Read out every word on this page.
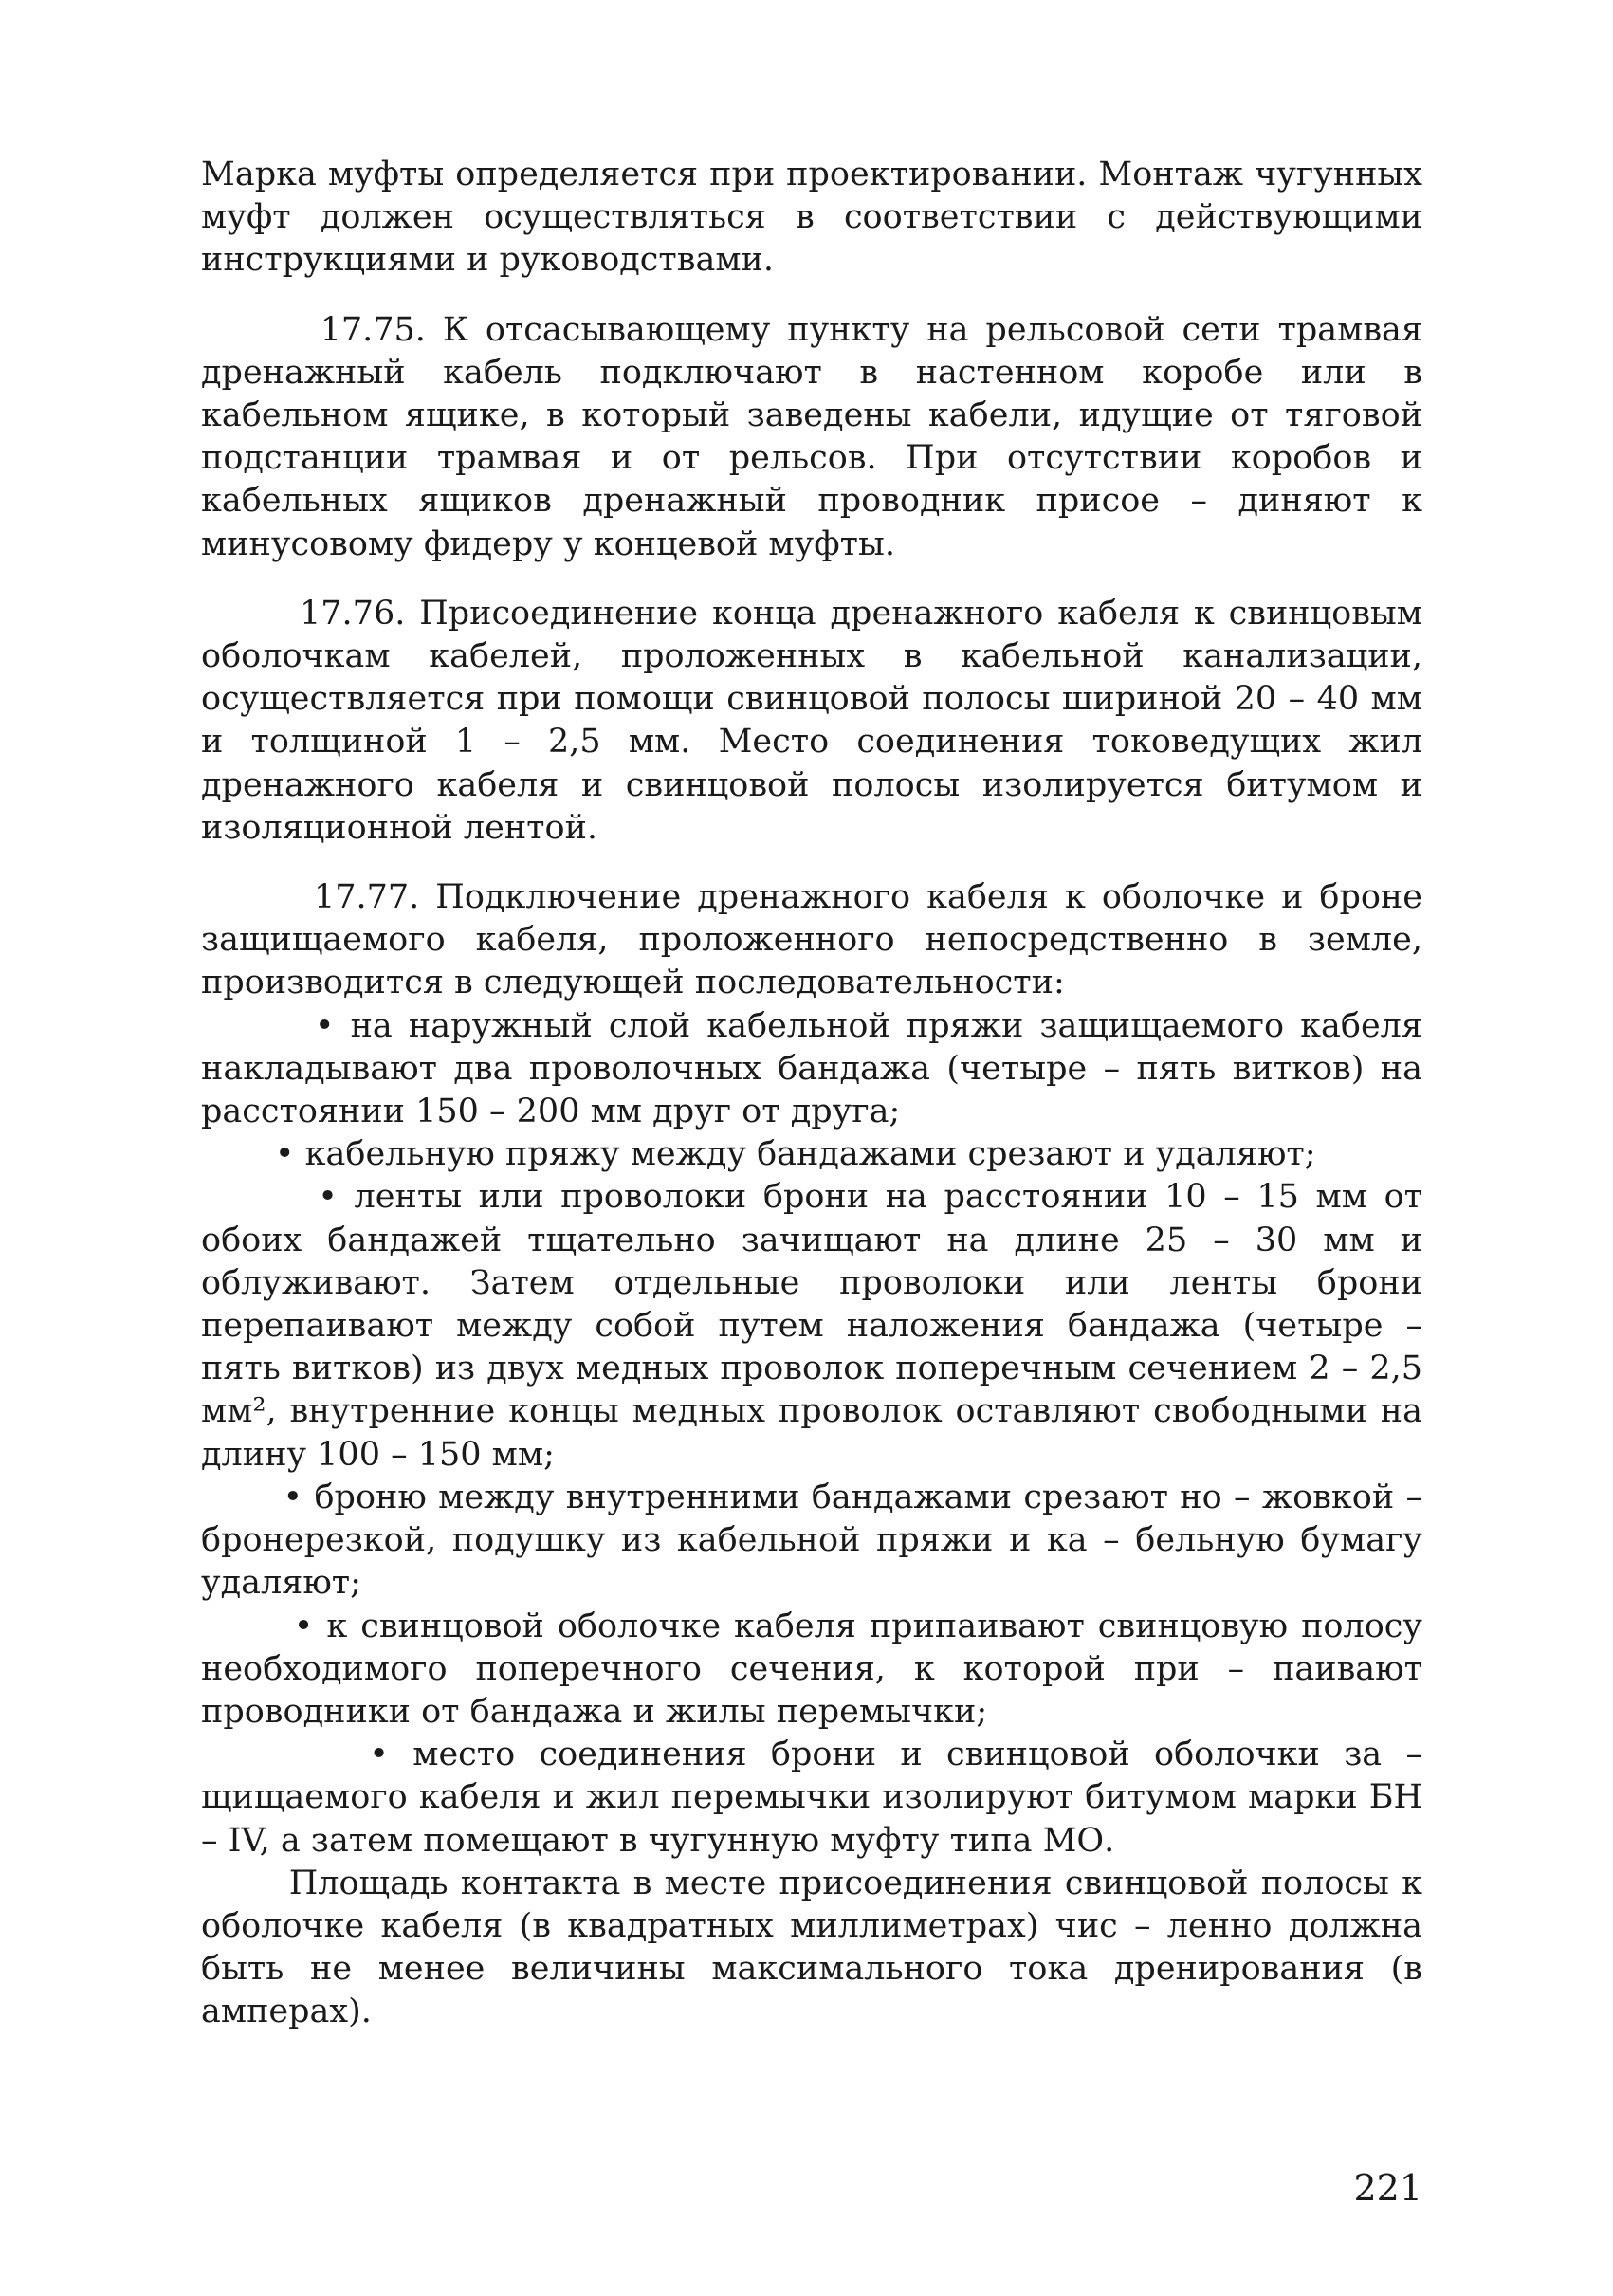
Марка муфты определяется при проектировании. Монтаж чугунных муфт должен осуществляться в соответствии с действующими инструкциями и руководствами.

17.75. К отсасывающему пункту на рельсовой сети трамвая дренажный кабель подключают в настенном коробе или в кабельном ящике, в который заведены кабели, идущие от тяговой подстанции трамвая и от рельсов. При отсутствии коробов и кабельных ящиков дренажный проводник присое – диняют к минусовому фидеру у концевой муфты.

17.76. Присоединение конца дренажного кабеля к свинцовым оболочкам кабелей, проложенных в кабельной канализации, осуществляется при помощи свинцовой полосы шириной 20 – 40 мм и толщиной 1 – 2,5 мм. Место соединения токоведущих жил дренажного кабеля и свинцовой полосы изолируется битумом и изоляционной лентой.

17.77. Подключение дренажного кабеля к оболочке и броне защищаемого кабеля, проложенного непосредственно в земле, производится в следующей последовательности:

• на наружный слой кабельной пряжи защищаемого кабеля накладывают два проволочных бандажа (четыре – пять витков) на расстоянии 150 – 200 мм друг от друга;

• кабельную пряжу между бандажами срезают и удаляют;

• ленты или проволоки брони на расстоянии 10 – 15 мм от обоих бандажей тщательно зачищают на длине 25 – 30 мм и облуживают. Затем отдельные проволоки или ленты брони перепаивают между собой путем наложения бандажа (четыре – пять витков) из двух медных проволок поперечным сечением 2 – 2,5 мм², внутренние концы медных проволок оставляют свободными на длину 100 – 150 мм;

• броню между внутренними бандажами срезают но – жовкой – бронерезкой, подушку из кабельной пряжи и ка – бельную бумагу удаляют;

• к свинцовой оболочке кабеля припаивают свинцовую полосу необходимого поперечного сечения, к которой при – паивают проводники от бандажа и жилы перемычки;

• место соединения брони и свинцовой оболочки за – щищаемого кабеля и жил перемычки изолируют битумом марки БН – IV, а затем помещают в чугунную муфту типа МО.

Площадь контакта в месте присоединения свинцовой полосы к оболочке кабеля (в квадратных миллиметрах) чис – ленно должна быть не менее величины максимального тока дренирования (в амперах).

221
